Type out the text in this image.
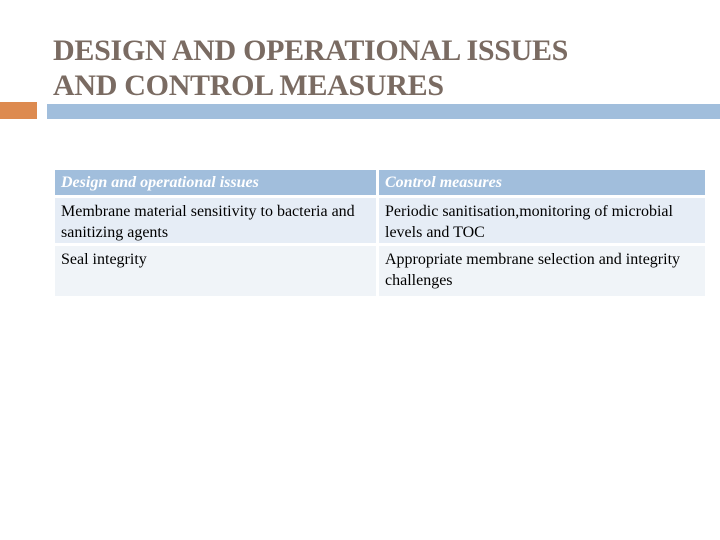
DESIGN AND OPERATIONAL ISSUES
AND CONTROL MEASURES
Design and operational issues	Control measures
Membrane material sensitivity to bacteria and sanitizing agents
Periodic sanitisation,monitoring of microbial levels and TOC
Seal integrity	Appropriate membrane selection and integrity challenges
